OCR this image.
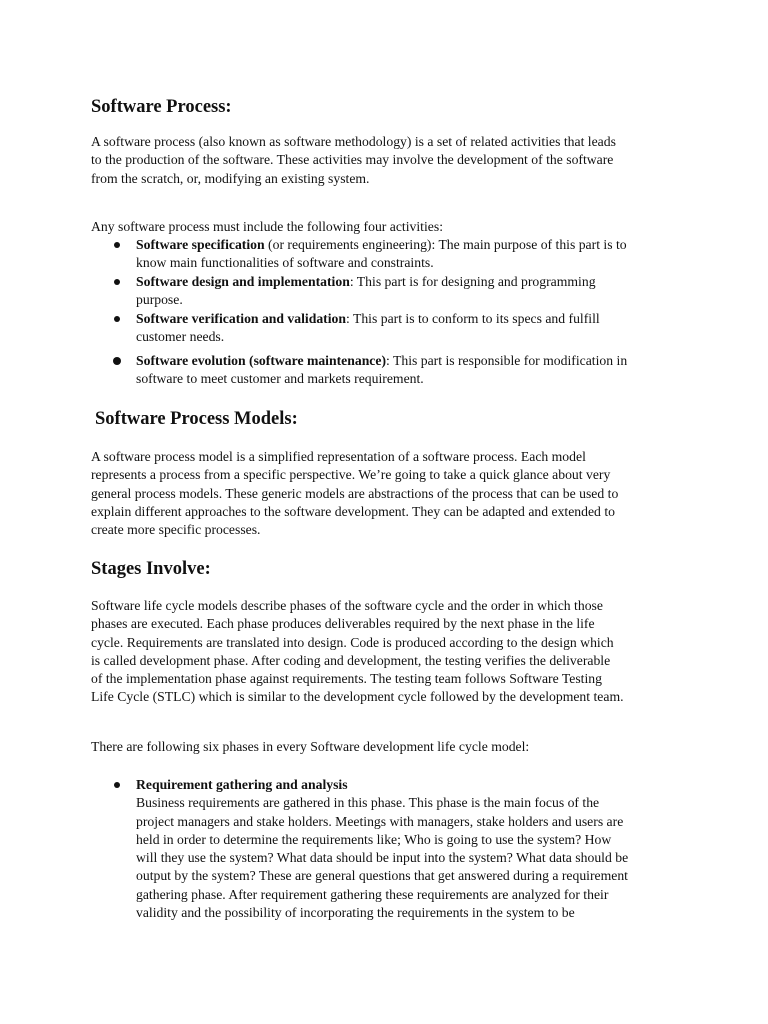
Software Process:

A software process (also known as software methodology) is a set of related activities that leads
to the production of the software. These activities may involve the development of the software
from the scratch, or, modifying an existing system.

Any software process must include the following four activities:

Software specification (or requirements engineering): The main purpose of this part is to
know main functionalities of software and constraints.
Software design and implementation: This part is for designing and programming
purpose.
Software verification and validation: This part is to conform to its specs and fulfill
customer needs.
Software evolution (software maintenance): This part is responsible for modification in
software to meet customer and markets requirement.
Software Process Models:

A software process model is a simplified representation of a software process. Each model
represents a process from a specific perspective. We’re going to take a quick glance about very
general process models. These generic models are abstractions of the process that can be used to
explain different approaches to the software development. They can be adapted and extended to
create more specific processes.

Stages Involve:

Software life cycle models describe phases of the software cycle and the order in which those
phases are executed. Each phase produces deliverables required by the next phase in the life
cycle. Requirements are translated into design. Code is produced according to the design which
is called development phase. After coding and development, the testing verifies the deliverable
of the implementation phase against requirements. The testing team follows Software Testing
Life Cycle (STLC) which is similar to the development cycle followed by the development team.

There are following six phases in every Software development life cycle model:

Requirement gathering and analysis
Business requirements are gathered in this phase. This phase is the main focus of the
project managers and stake holders. Meetings with managers, stake holders and users are
held in order to determine the requirements like; Who is going to use the system? How
will they use the system? What data should be input into the system? What data should be
output by the system? These are general questions that get answered during a requirement
gathering phase. After requirement gathering these requirements are analyzed for their
validity and the possibility of incorporating the requirements in the system to be
